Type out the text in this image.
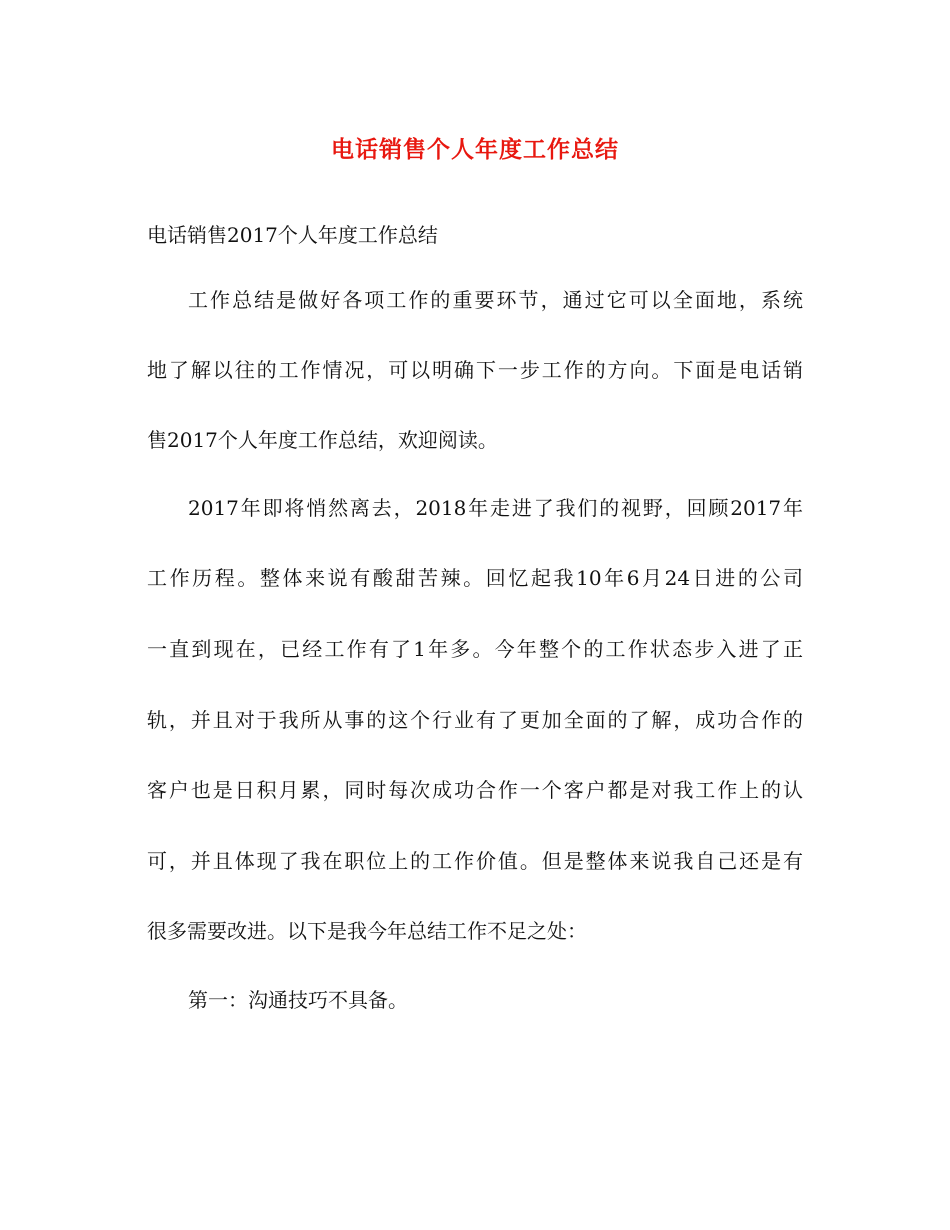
电话销售个人年度工作总结
电话销售2017个人年度工作总结
工作总结是做好各项工作的重要环节，通过它可以全面地，系统
地了解以往的工作情况，可以明确下一步工作的方向。下面是电话销
售2017个人年度工作总结，欢迎阅读。
2017年即将悄然离去，2018年走进了我们的视野，回顾2017年
工作历程。整体来说有酸甜苦辣。回忆起我10年6月24日进的公司
一直到现在，已经工作有了1年多。今年整个的工作状态步入进了正
轨，并且对于我所从事的这个行业有了更加全面的了解，成功合作的
客户也是日积月累，同时每次成功合作一个客户都是对我工作上的认
可，并且体现了我在职位上的工作价值。但是整体来说我自己还是有
很多需要改进。以下是我今年总结工作不足之处：
第一：沟通技巧不具备。
